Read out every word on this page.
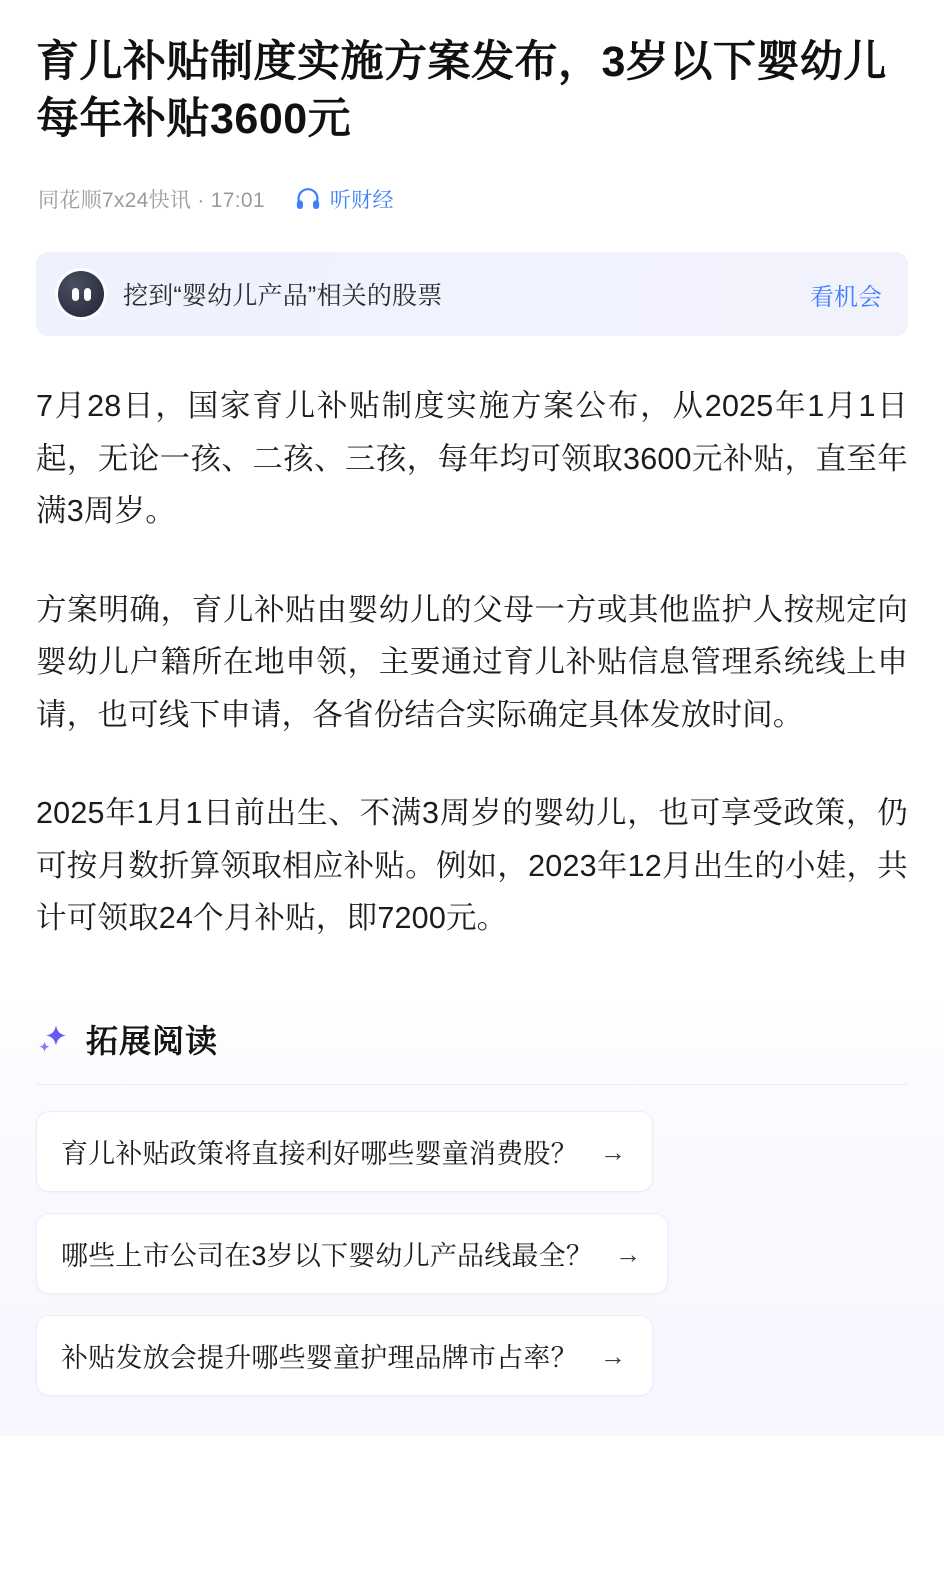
育儿补贴制度实施方案发布，3岁以下婴幼儿每年补贴3600元
同花顺7x24快讯 · 17:01	听财经
挖到“婴幼儿产品”相关的股票	看机会

7月28日，国家育儿补贴制度实施方案公布，从2025年1月1日起，无论一孩、二孩、三孩，每年均可领取3600元补贴，直至年满3周岁。

方案明确，育儿补贴由婴幼儿的父母一方或其他监护人按规定向婴幼儿户籍所在地申领，主要通过育儿补贴信息管理系统线上申请，也可线下申请，各省份结合实际确定具体发放时间。

2025年1月1日前出生、不满3周岁的婴幼儿，也可享受政策，仍可按月数折算领取相应补贴。例如，2023年12月出生的小娃，共计可领取24个月补贴，即7200元。

拓展阅读
育儿补贴政策将直接利好哪些婴童消费股？ →
哪些上市公司在3岁以下婴幼儿产品线最全？ →
补贴发放会提升哪些婴童护理品牌市占率？ →
